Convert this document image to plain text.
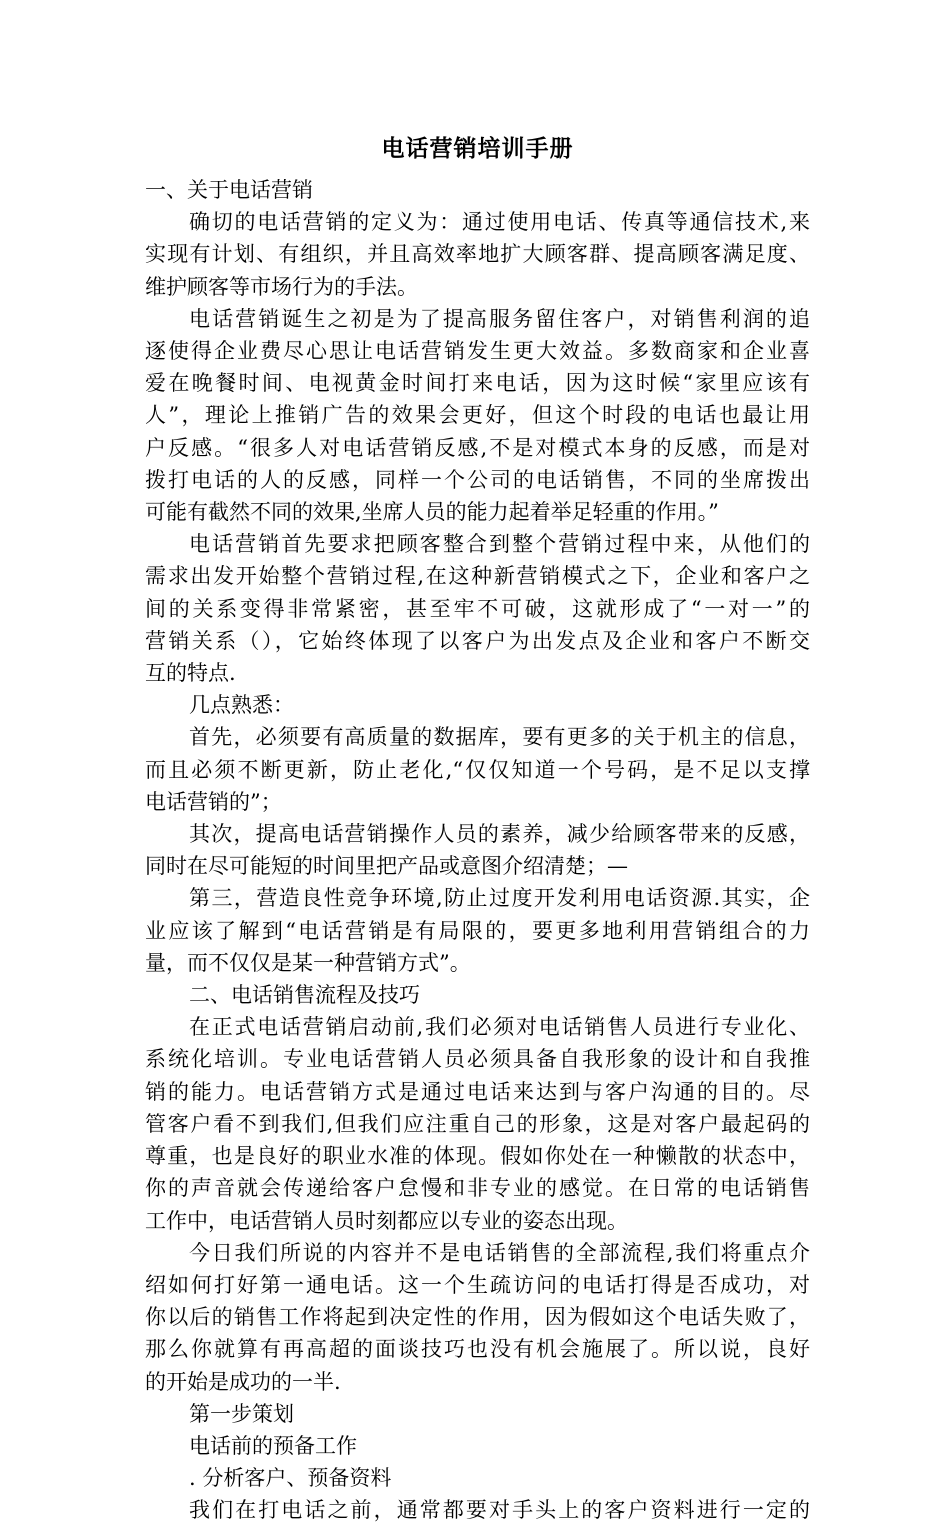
电话营销培训手册
一、关于电话营销
确切的电话营销的定义为：通过使用电话、传真等通信技术,来
实现有计划、有组织，并且高效率地扩大顾客群、提高顾客满足度、
维护顾客等市场行为的手法。
电话营销诞生之初是为了提高服务留住客户，对销售利润的追
逐使得企业费尽心思让电话营销发生更大效益。多数商家和企业喜
爱在晚餐时间、电视黄金时间打来电话，因为这时候“家里应该有
人”，理论上推销广告的效果会更好，但这个时段的电话也最让用
户反感。“很多人对电话营销反感,不是对模式本身的反感，而是对
拨打电话的人的反感，同样一个公司的电话销售，不同的坐席拨出
可能有截然不同的效果,坐席人员的能力起着举足轻重的作用。”
电话营销首先要求把顾客整合到整个营销过程中来，从他们的
需求出发开始整个营销过程,在这种新营销模式之下，企业和客户之
间的关系变得非常紧密，甚至牢不可破，这就形成了“一对一”的
营销关系（），它始终体现了以客户为出发点及企业和客户不断交
互的特点.
几点熟悉：
首先，必须要有高质量的数据库，要有更多的关于机主的信息，
而且必须不断更新，防止老化,“仅仅知道一个号码，是不足以支撑
电话营销的”；
其次，提高电话营销操作人员的素养，减少给顾客带来的反感，
同时在尽可能短的时间里把产品或意图介绍清楚；—
第三，营造良性竞争环境,防止过度开发利用电话资源.其实，企
业应该了解到“电话营销是有局限的，要更多地利用营销组合的力
量，而不仅仅是某一种营销方式”。
二、电话销售流程及技巧
在正式电话营销启动前,我们必须对电话销售人员进行专业化、
系统化培训。专业电话营销人员必须具备自我形象的设计和自我推
销的能力。电话营销方式是通过电话来达到与客户沟通的目的。尽
管客户看不到我们,但我们应注重自己的形象，这是对客户最起码的
尊重，也是良好的职业水准的体现。假如你处在一种懒散的状态中，
你的声音就会传递给客户怠慢和非专业的感觉。在日常的电话销售
工作中，电话营销人员时刻都应以专业的姿态出现。
今日我们所说的内容并不是电话销售的全部流程,我们将重点介
绍如何打好第一通电话。这一个生疏访问的电话打得是否成功，对
你以后的销售工作将起到决定性的作用，因为假如这个电话失败了，
那么你就算有再高超的面谈技巧也没有机会施展了。所以说，良好
的开始是成功的一半.
第一步策划
电话前的预备工作
. 分析客户、预备资料
我们在打电话之前，通常都要对手头上的客户资料进行一定的
